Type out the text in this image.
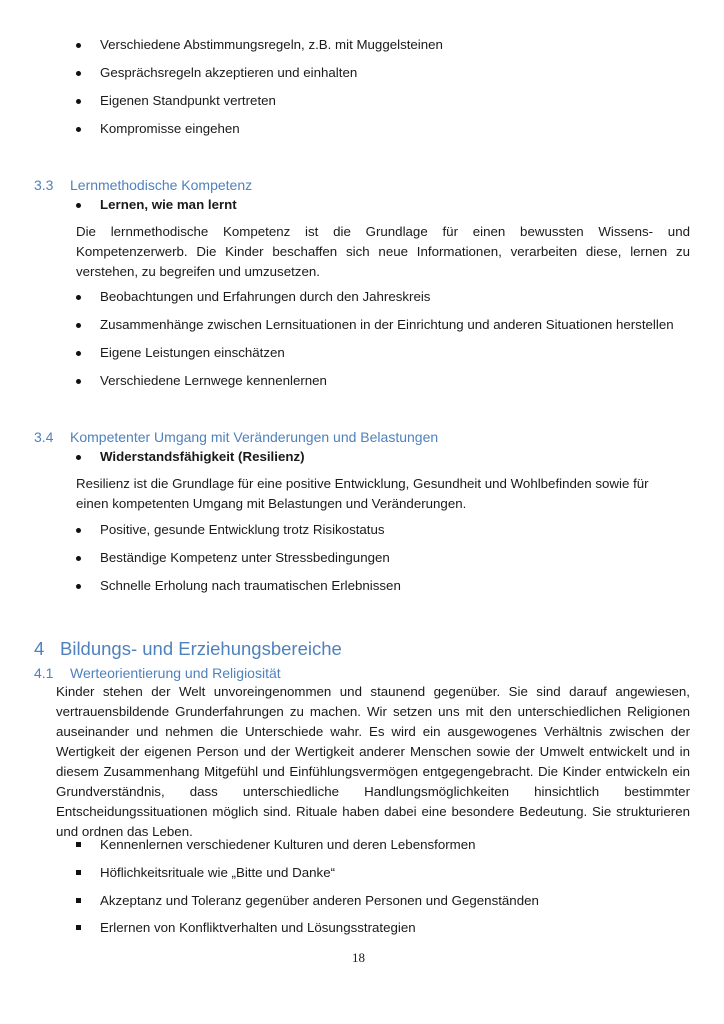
Verschiedene Abstimmungsregeln, z.B. mit Muggelsteinen
Gesprächsregeln akzeptieren und einhalten
Eigenen Standpunkt vertreten
Kompromisse eingehen
3.3 Lernmethodische Kompetenz
Lernen, wie man lernt
Die lernmethodische Kompetenz ist die Grundlage für einen bewussten Wissens- und
Kompetenzerwerb. Die Kinder beschaffen sich neue Informationen, verarbeiten diese, lernen zu
verstehen, zu begreifen und umzusetzen.
Beobachtungen und Erfahrungen durch den Jahreskreis
Zusammenhänge zwischen Lernsituationen in der Einrichtung und anderen Situationen herstellen
Eigene Leistungen einschätzen
Verschiedene Lernwege kennenlernen
3.4 Kompetenter Umgang mit Veränderungen und Belastungen
Widerstandsfähigkeit (Resilienz)
Resilienz ist die Grundlage für eine positive Entwicklung, Gesundheit und Wohlbefinden sowie für
einen kompetenten Umgang mit Belastungen und Veränderungen.
Positive, gesunde Entwicklung trotz Risikostatus
Beständige Kompetenz unter Stressbedingungen
Schnelle Erholung nach traumatischen Erlebnissen
4 Bildungs- und Erziehungsbereiche
4.1 Werteorientierung und Religiosität
Kinder stehen der Welt unvoreingenommen und staunend gegenüber. Sie sind darauf angewiesen,
vertrauensbildende Grunderfahrungen zu machen. Wir setzen uns mit den unterschiedlichen Religionen
auseinander und nehmen die Unterschiede wahr. Es wird ein ausgewogenes Verhältnis zwischen der
Wertigkeit der eigenen Person und der Wertigkeit anderer Menschen sowie der Umwelt entwickelt und in
diesem Zusammenhang Mitgefühl und Einfühlungsvermögen entgegengebracht. Die Kinder entwickeln ein
Grundverständnis, dass unterschiedliche Handlungsmöglichkeiten hinsichtlich bestimmter
Entscheidungssituationen möglich sind. Rituale haben dabei eine besondere Bedeutung. Sie strukturieren
und ordnen das Leben.
Kennenlernen verschiedener Kulturen und deren Lebensformen
Höflichkeitsrituale wie „Bitte und Danke“
Akzeptanz und Toleranz gegenüber anderen Personen und Gegenständen
Erlernen von Konfliktverhalten und Lösungsstrategien
18
